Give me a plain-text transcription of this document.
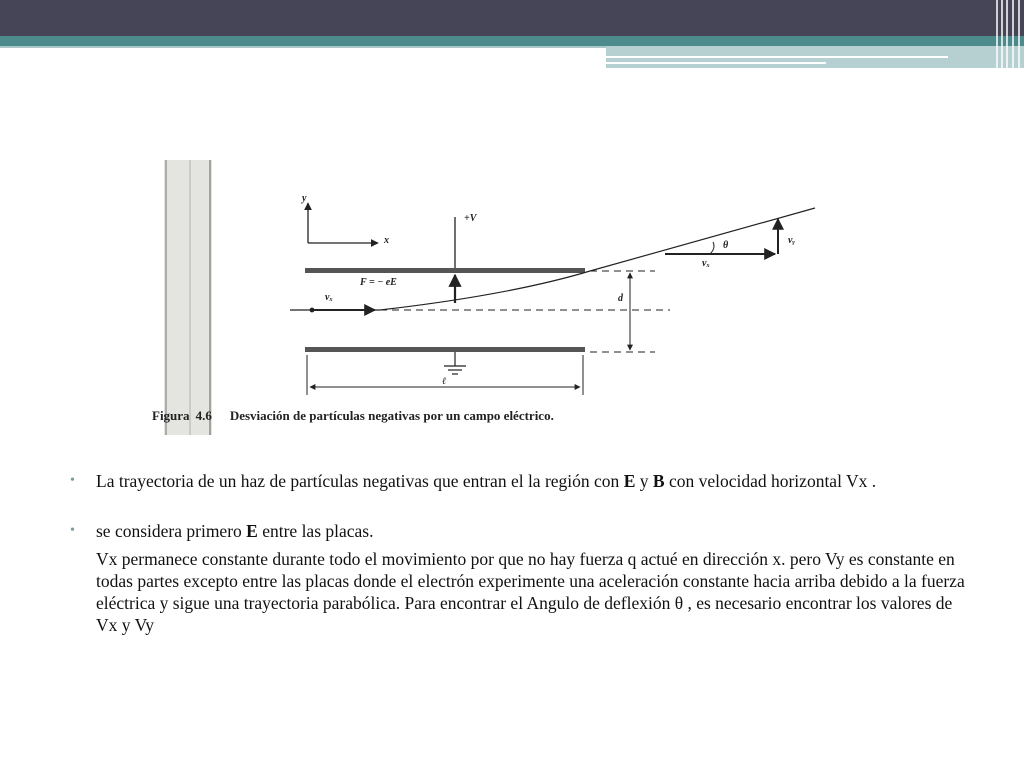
y
x
+V
F = − eE
vₓ
θ
vₓ
vᵧ
d
ℓ
Figura 4.6 Desviación de partículas negativas por un campo eléctrico.
• La trayectoria de un haz de partículas negativas que entran el la región con E y B con velocidad horizontal Vx .
• se considera primero E entre las placas.
Vx permanece constante durante todo el movimiento por que no hay fuerza q actué en dirección x. pero Vy es constante en todas partes excepto entre las placas donde el electrón experimente una aceleración constante hacia arriba debido a la fuerza eléctrica y sigue una trayectoria parabólica. Para encontrar el Angulo de deflexión θ , es necesario encontrar los valores de Vx y Vy
